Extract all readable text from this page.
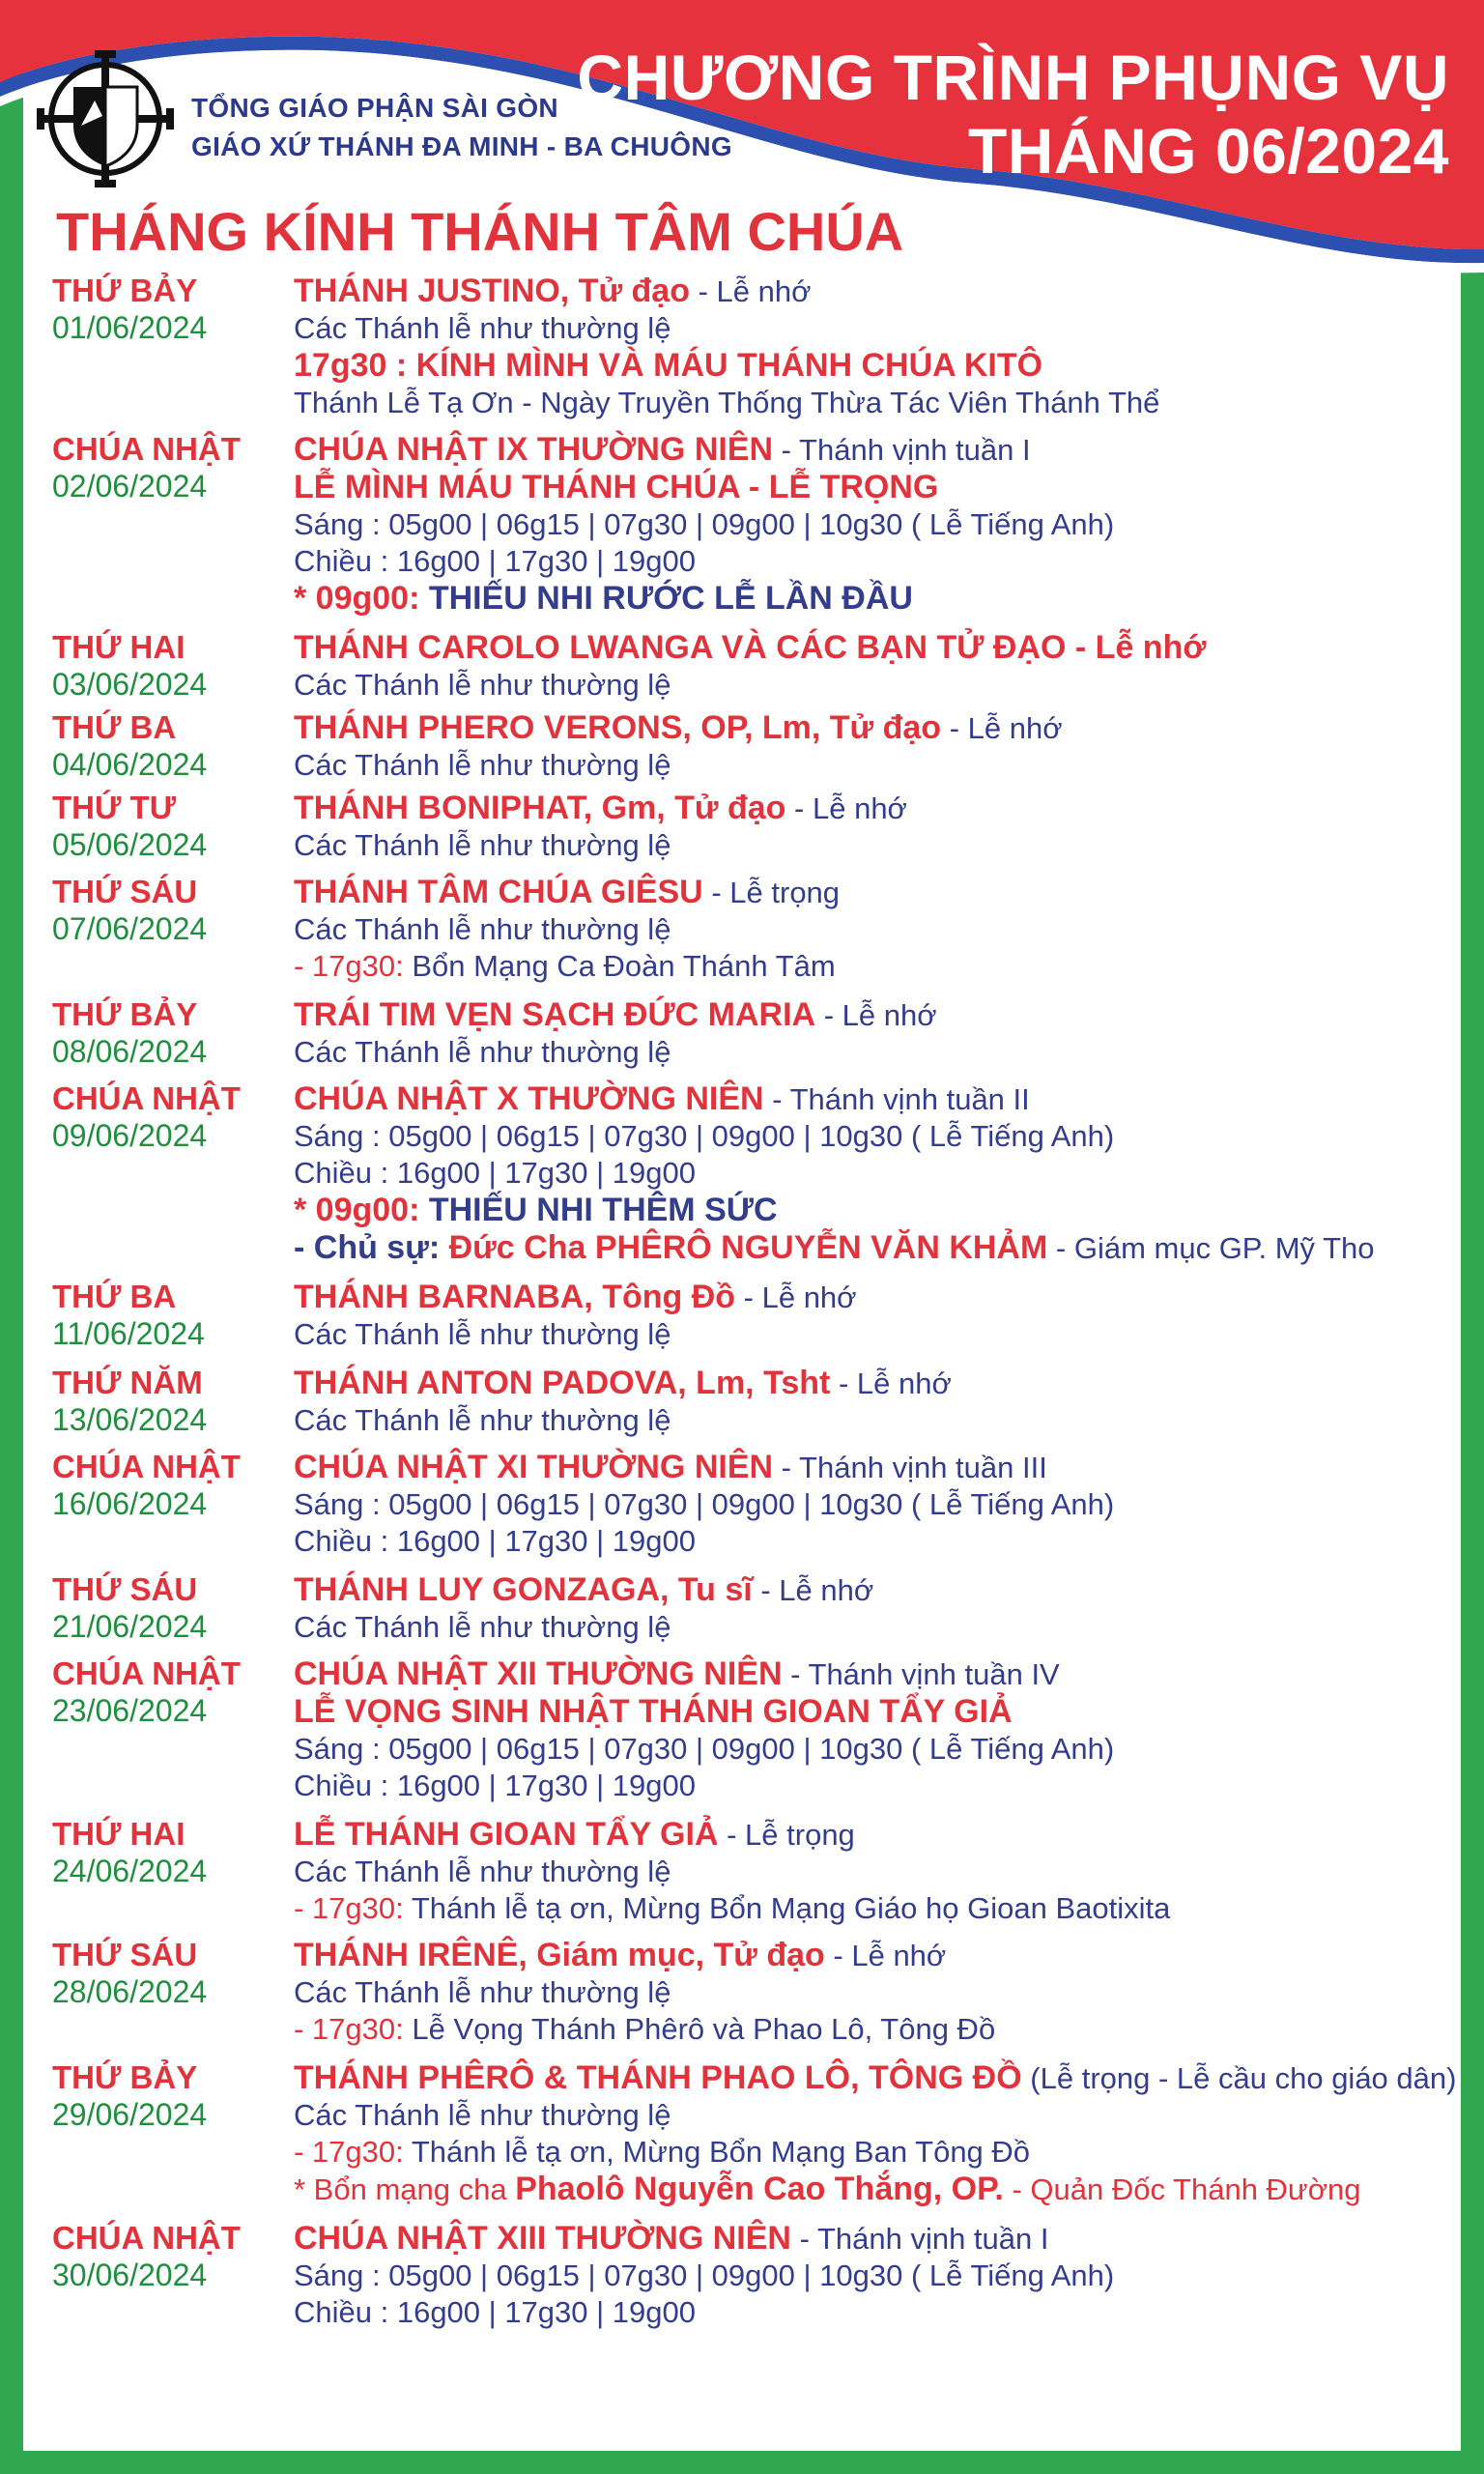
TỔNG GIÁO PHẬN SÀI GÒN
GIÁO XỨ THÁNH ĐA MINH - BA CHUÔNG
CHƯƠNG TRÌNH PHỤNG VỤ
THÁNG 06/2024
THÁNG KÍNH THÁNH TÂM CHÚA
THỨ BẢY
01/06/2024
THÁNH JUSTINO, Tử đạo - Lễ nhớ
Các Thánh lễ như thường lệ
17g30 : KÍNH MÌNH VÀ MÁU THÁNH CHÚA KITÔ
Thánh Lễ Tạ Ơn - Ngày Truyền Thống Thừa Tác Viên Thánh Thể
CHÚA NHẬT
02/06/2024
CHÚA NHẬT IX THƯỜNG NIÊN - Thánh vịnh tuần I
LỄ MÌNH MÁU THÁNH CHÚA - LỄ TRỌNG
Sáng : 05g00 | 06g15 | 07g30 | 09g00 | 10g30 ( Lễ Tiếng Anh)
Chiều : 16g00 | 17g30 | 19g00
* 09g00: THIẾU NHI RƯỚC LỄ LẦN ĐẦU
THỨ HAI
03/06/2024
THÁNH CAROLO LWANGA VÀ CÁC BẠN TỬ ĐẠO - Lễ nhớ
Các Thánh lễ như thường lệ
THỨ BA
04/06/2024
THÁNH PHERO VERONS, OP, Lm, Tử đạo - Lễ nhớ
Các Thánh lễ như thường lệ
THỨ TƯ
05/06/2024
THÁNH BONIPHAT, Gm, Tử đạo - Lễ nhớ
Các Thánh lễ như thường lệ
THỨ SÁU
07/06/2024
THÁNH TÂM CHÚA GIÊSU - Lễ trọng
Các Thánh lễ như thường lệ
- 17g30: Bổn Mạng Ca Đoàn Thánh Tâm
THỨ BẢY
08/06/2024
TRÁI TIM VẸN SẠCH ĐỨC MARIA - Lễ nhớ
Các Thánh lễ như thường lệ
CHÚA NHẬT
09/06/2024
CHÚA NHẬT X THƯỜNG NIÊN - Thánh vịnh tuần II
Sáng : 05g00 | 06g15 | 07g30 | 09g00 | 10g30 ( Lễ Tiếng Anh)
Chiều : 16g00 | 17g30 | 19g00
* 09g00: THIẾU NHI THÊM SỨC
- Chủ sự: Đức Cha PHÊRÔ NGUYỄN VĂN KHẢM - Giám mục GP. Mỹ Tho
THỨ BA
11/06/2024
THÁNH BARNABA, Tông Đồ - Lễ nhớ
Các Thánh lễ như thường lệ
THỨ NĂM
13/06/2024
THÁNH ANTON PADOVA, Lm, Tsht - Lễ nhớ
Các Thánh lễ như thường lệ
CHÚA NHẬT
16/06/2024
CHÚA NHẬT XI THƯỜNG NIÊN - Thánh vịnh tuần III
Sáng : 05g00 | 06g15 | 07g30 | 09g00 | 10g30 ( Lễ Tiếng Anh)
Chiều : 16g00 | 17g30 | 19g00
THỨ SÁU
21/06/2024
THÁNH LUY GONZAGA, Tu sĩ - Lễ nhớ
Các Thánh lễ như thường lệ
CHÚA NHẬT
23/06/2024
CHÚA NHẬT XII THƯỜNG NIÊN - Thánh vịnh tuần IV
LỄ VỌNG SINH NHẬT THÁNH GIOAN TẨY GIẢ
Sáng : 05g00 | 06g15 | 07g30 | 09g00 | 10g30 ( Lễ Tiếng Anh)
Chiều : 16g00 | 17g30 | 19g00
THỨ HAI
24/06/2024
LỄ THÁNH GIOAN TẨY GIẢ - Lễ trọng
Các Thánh lễ như thường lệ
- 17g30: Thánh lễ tạ ơn, Mừng Bổn Mạng Giáo họ Gioan Baotixita
THỨ SÁU
28/06/2024
THÁNH IRÊNÊ, Giám mục, Tử đạo - Lễ nhớ
Các Thánh lễ như thường lệ
- 17g30: Lễ Vọng Thánh Phêrô và Phao Lô, Tông Đồ
THỨ BẢY
29/06/2024
THÁNH PHÊRÔ & THÁNH PHAO LÔ, TÔNG ĐỒ (Lễ trọng - Lễ cầu cho giáo dân)
Các Thánh lễ như thường lệ
- 17g30: Thánh lễ tạ ơn, Mừng Bổn Mạng Ban Tông Đồ
* Bổn mạng cha Phaolô Nguyễn Cao Thắng, OP. - Quản Đốc Thánh Đường
CHÚA NHẬT
30/06/2024
CHÚA NHẬT XIII THƯỜNG NIÊN - Thánh vịnh tuần I
Sáng : 05g00 | 06g15 | 07g30 | 09g00 | 10g30 ( Lễ Tiếng Anh)
Chiều : 16g00 | 17g30 | 19g00
